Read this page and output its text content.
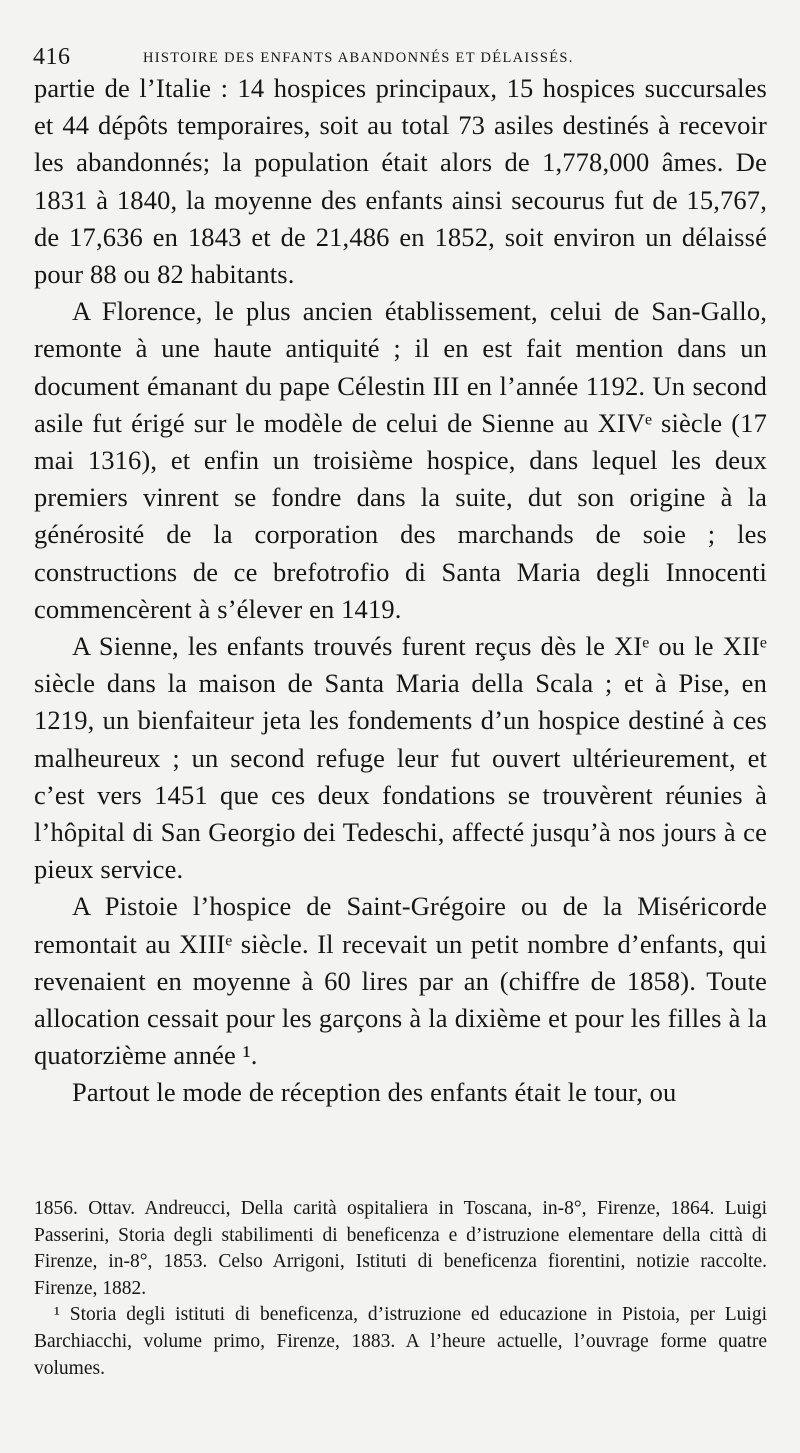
416	HISTOIRE DES ENFANTS ABANDONNÉS ET DÉLAISSÉS.

partie de l’Italie : 14 hospices principaux, 15 hospices succursales et 44 dépôts temporaires, soit au total 73 asiles destinés à recevoir les abandonnés; la population était alors de 1,778,000 âmes. De 1831 à 1840, la moyenne des enfants ainsi secourus fut de 15,767, de 17,636 en 1843 et de 21,486 en 1852, soit environ un délaissé pour 88 ou 82 habitants.

A Florence, le plus ancien établissement, celui de San-Gallo, remonte à une haute antiquité ; il en est fait mention dans un document émanant du pape Célestin III en l’année 1192. Un second asile fut érigé sur le modèle de celui de Sienne au XIVᵉ siècle (17 mai 1316), et enfin un troisième hospice, dans lequel les deux premiers vinrent se fondre dans la suite, dut son origine à la générosité de la corporation des marchands de soie ; les constructions de ce brefotrofio di Santa Maria degli Innocenti commencèrent à s’élever en 1419.

A Sienne, les enfants trouvés furent reçus dès le XIᵉ ou le XIIᵉ siècle dans la maison de Santa Maria della Scala ; et à Pise, en 1219, un bienfaiteur jeta les fondements d’un hospice destiné à ces malheureux ; un second refuge leur fut ouvert ultérieurement, et c’est vers 1451 que ces deux fondations se trouvèrent réunies à l’hôpital di San Georgio dei Tedeschi, affecté jusqu’à nos jours à ce pieux service.

A Pistoie l’hospice de Saint-Grégoire ou de la Miséricorde remontait au XIIIᵉ siècle. Il recevait un petit nombre d’enfants, qui revenaient en moyenne à 60 lires par an (chiffre de 1858). Toute allocation cessait pour les garçons à la dixième et pour les filles à la quatorzième année ¹.

Partout le mode de réception des enfants était le tour, ou

1856. Ottav. Andreucci, Della carità ospitaliera in Toscana, in-8°, Firenze, 1864. Luigi Passerini, Storia degli stabilimenti di beneficenza e d’istruzione elementare della città di Firenze, in-8°, 1853. Celso Arrigoni, Istituti di beneficenza fiorentini, notizie raccolte. Firenze, 1882.

¹ Storia degli istituti di beneficenza, d’istruzione ed educazione in Pistoia, per Luigi Barchiacchi, volume primo, Firenze, 1883. A l’heure actuelle, l’ouvrage forme quatre volumes.
